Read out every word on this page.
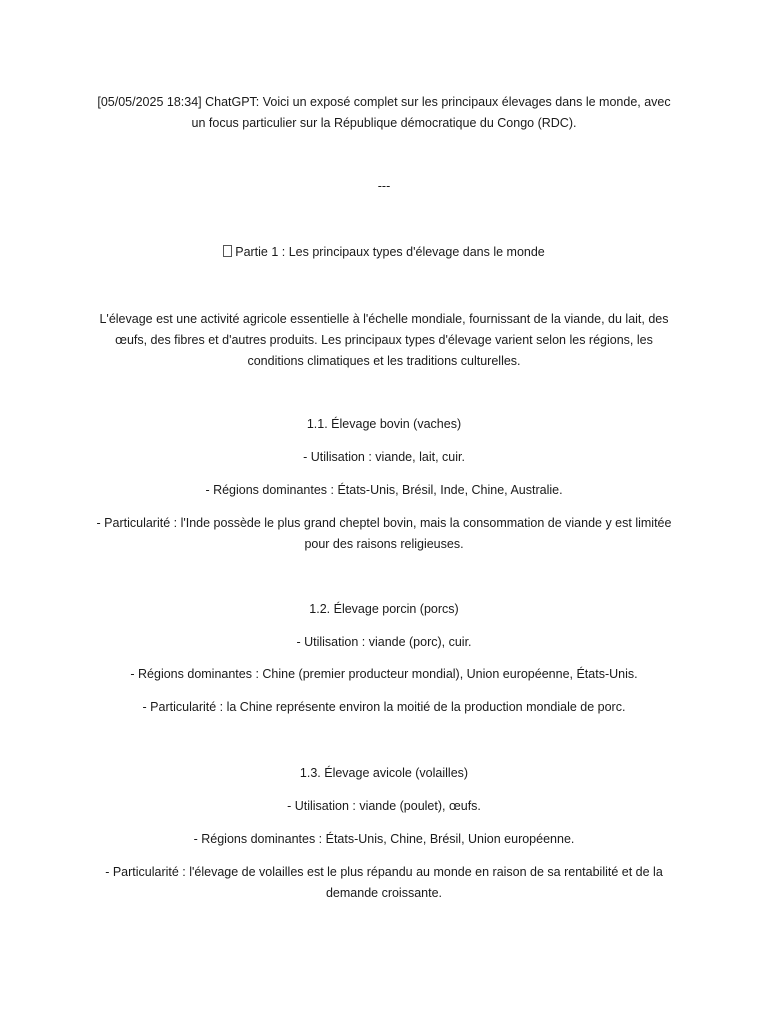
[05/05/2025 18:34] ChatGPT: Voici un exposé complet sur les principaux élevages dans le monde, avec
un focus particulier sur la République démocratique du Congo (RDC).

---

Partie 1 : Les principaux types d'élevage dans le monde

L'élevage est une activité agricole essentielle à l'échelle mondiale, fournissant de la viande, du lait, des
œufs, des fibres et d'autres produits. Les principaux types d'élevage varient selon les régions, les
conditions climatiques et les traditions culturelles.

1.1. Élevage bovin (vaches)

- Utilisation : viande, lait, cuir.

- Régions dominantes : États-Unis, Brésil, Inde, Chine, Australie.

- Particularité : l'Inde possède le plus grand cheptel bovin, mais la consommation de viande y est limitée
pour des raisons religieuses.

1.2. Élevage porcin (porcs)

- Utilisation : viande (porc), cuir.

- Régions dominantes : Chine (premier producteur mondial), Union européenne, États-Unis.

- Particularité : la Chine représente environ la moitié de la production mondiale de porc.

1.3. Élevage avicole (volailles)

- Utilisation : viande (poulet), œufs.

- Régions dominantes : États-Unis, Chine, Brésil, Union européenne.

- Particularité : l'élevage de volailles est le plus répandu au monde en raison de sa rentabilité et de la
demande croissante.
